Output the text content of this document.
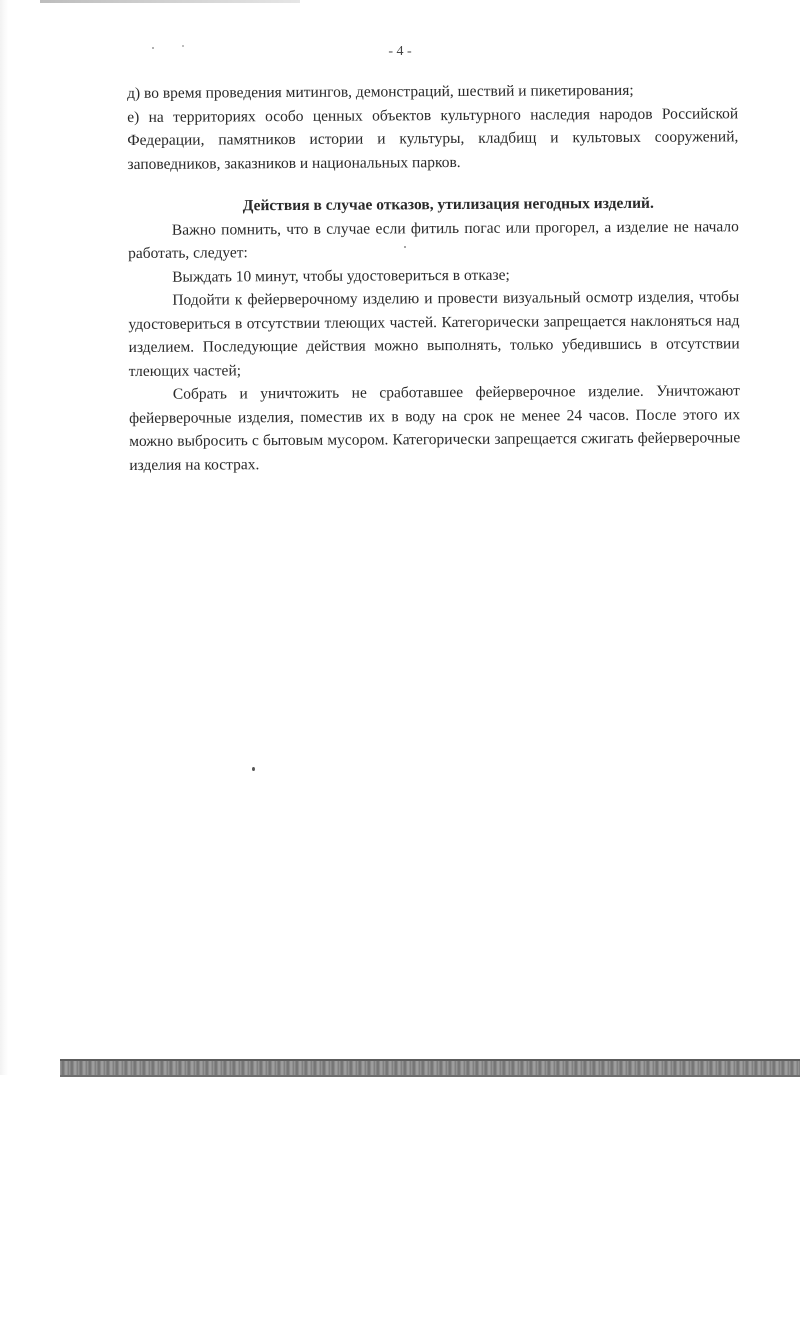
- 4 -

д) во время проведения митингов, демонстраций, шествий и пикетирования;

е) на территориях особо ценных объектов культурного наследия народов Российской Федерации, памятников истории и культуры, кладбищ и культовых сооружений, заповедников, заказников и национальных парков.

Действия в случае отказов, утилизация негодных изделий.

Важно помнить, что в случае если фитиль погас или прогорел, а изделие не начало работать, следует:

Выждать 10 минут, чтобы удостовериться в отказе;

Подойти к фейерверочному изделию и провести визуальный осмотр изделия, чтобы удостовериться в отсутствии тлеющих частей. Категорически запрещается наклоняться над изделием. Последующие действия можно выполнять, только убедившись в отсутствии тлеющих частей;

Собрать и уничтожить не сработавшее фейерверочное изделие. Уничтожают фейерверочные изделия, поместив их в воду на срок не менее 24 часов. После этого их можно выбросить с бытовым мусором. Категорически запрещается сжигать фейерверочные изделия на кострах.
